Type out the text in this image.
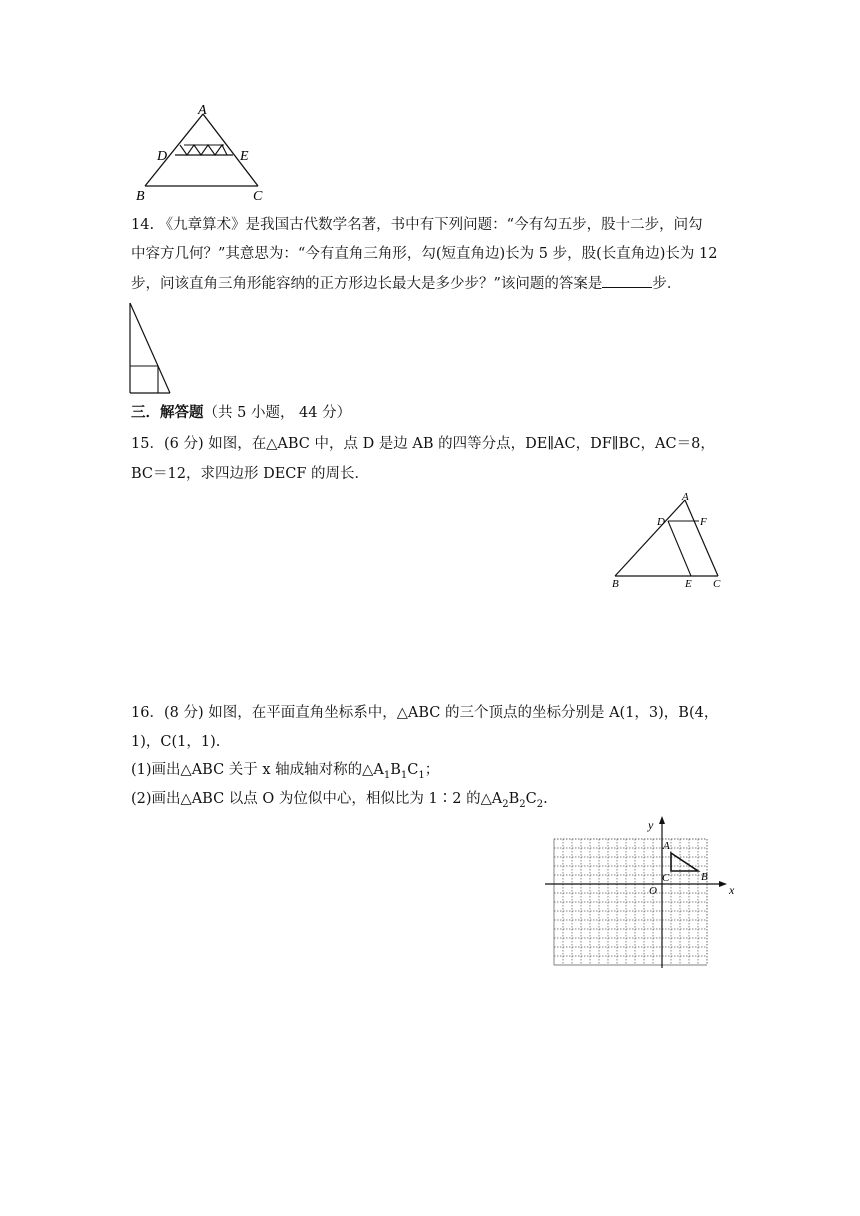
A
D	E
B	C
14. 《九章算术》是我国古代数学名著，书中有下列问题：“今有勾五步，股十二步，问勾
中容方几何？”其意思为：“今有直角三角形，勾(短直角边)长为 5 步，股(长直角边)长为 12
步，问该直角三角形能容纳的正方形边长最大是多少步？”该问题的答案是	步．
三．解答题（共 5 小题， 44 分）
15．(6 分) 如图，在△ABC 中，点 D 是边 AB 的四等分点，DE∥AC，DF∥BC，AC＝8，
BC＝12，求四边形 DECF 的周长．
A
D	F
B	E C
16．(8 分) 如图，在平面直角坐标系中，△ABC 的三个顶点的坐标分别是 A(1，3)，B(4，
1)，C(1，1).
(1)画出△ABC 关于 x 轴成轴对称的$\triangle A_1B_1C_1$；
(2)画出△ABC 以点 O 为位似中心，相似比为 1∶2 的$\triangle A_2B_2C_2$.
x
y
O
A
B
C
